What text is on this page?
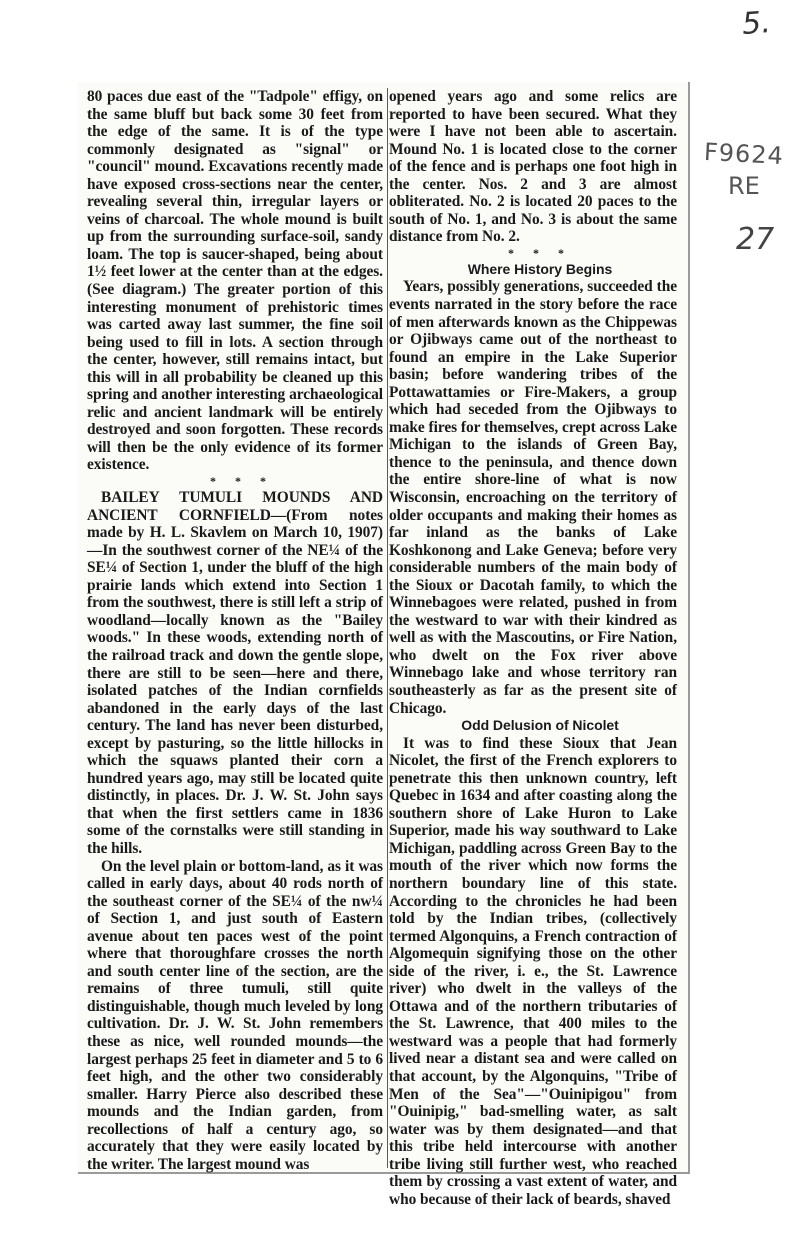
5.
F9624
RE
27

80 paces due east of the "Tadpole" effigy, on the same bluff but back some 30 feet from the edge of the same. It is of the type commonly designated as "signal" or "council" mound. Excavations recently made have exposed cross-sections near the center, revealing several thin, irregular layers or veins of charcoal. The whole mound is built up from the surrounding surface-soil, sandy loam. The top is saucer-shaped, being about 1½ feet lower at the center than at the edges. (See diagram.) The greater portion of this interesting monument of prehistoric times was carted away last summer, the fine soil being used to fill in lots. A section through the center, however, still remains intact, but this will in all probability be cleaned up this spring and another interesting archaeological relic and ancient landmark will be entirely destroyed and soon forgotten. These records will then be the only evidence of its former existence.

* * *

BAILEY TUMULI MOUNDS AND ANCIENT CORNFIELD—(From notes made by H. L. Skavlem on March 10, 1907)—In the southwest corner of the NE¼ of the SE¼ of Section 1, under the bluff of the high prairie lands which extend into Section 1 from the southwest, there is still left a strip of woodland—locally known as the "Bailey woods." In these woods, extending north of the railroad track and down the gentle slope, there are still to be seen—here and there, isolated patches of the Indian cornfields abandoned in the early days of the last century. The land has never been disturbed, except by pasturing, so the little hillocks in which the squaws planted their corn a hundred years ago, may still be located quite distinctly, in places. Dr. J. W. St. John says that when the first settlers came in 1836 some of the cornstalks were still standing in the hills.

On the level plain or bottom-land, as it was called in early days, about 40 rods north of the southeast corner of the SE¼ of the nw¼ of Section 1, and just south of Eastern avenue about ten paces west of the point where that thoroughfare crosses the north and south center line of the section, are the remains of three tumuli, still quite distinguishable, though much leveled by long cultivation. Dr. J. W. St. John remembers these as nice, well rounded mounds—the largest perhaps 25 feet in diameter and 5 to 6 feet high, and the other two considerably smaller. Harry Pierce also described these mounds and the Indian garden, from recollections of half a century ago, so accurately that they were easily located by the writer. The largest mound was

opened years ago and some relics are reported to have been secured. What they were I have not been able to ascertain. Mound No. 1 is located close to the corner of the fence and is perhaps one foot high in the center. Nos. 2 and 3 are almost obliterated. No. 2 is located 20 paces to the south of No. 1, and No. 3 is about the same distance from No. 2.

* * *

Where History Begins

Years, possibly generations, succeeded the events narrated in the story before the race of men afterwards known as the Chippewas or Ojibways came out of the northeast to found an empire in the Lake Superior basin; before wandering tribes of the Pottawattamies or Fire-Makers, a group which had seceded from the Ojibways to make fires for themselves, crept across Lake Michigan to the islands of Green Bay, thence to the peninsula, and thence down the entire shore-line of what is now Wisconsin, encroaching on the territory of older occupants and making their homes as far inland as the banks of Lake Koshkonong and Lake Geneva; before very considerable numbers of the main body of the Sioux or Dacotah family, to which the Winnebagoes were related, pushed in from the westward to war with their kindred as well as with the Mascoutins, or Fire Nation, who dwelt on the Fox river above Winnebago lake and whose territory ran southeasterly as far as the present site of Chicago.

Odd Delusion of Nicolet

It was to find these Sioux that Jean Nicolet, the first of the French explorers to penetrate this then unknown country, left Quebec in 1634 and after coasting along the southern shore of Lake Huron to Lake Superior, made his way southward to Lake Michigan, paddling across Green Bay to the mouth of the river which now forms the northern boundary line of this state. According to the chronicles he had been told by the Indian tribes, (collectively termed Algonquins, a French contraction of Algomequin signifying those on the other side of the river, i. e., the St. Lawrence river) who dwelt in the valleys of the Ottawa and of the northern tributaries of the St. Lawrence, that 400 miles to the westward was a people that had formerly lived near a distant sea and were called on that account, by the Algonquins, "Tribe of Men of the Sea"—"Ouinipigou" from "Ouinipig," bad-smelling water, as salt water was by them designated—and that this tribe held intercourse with another tribe living still further west, who reached them by crossing a vast extent of water, and who because of their lack of beards, shaved
